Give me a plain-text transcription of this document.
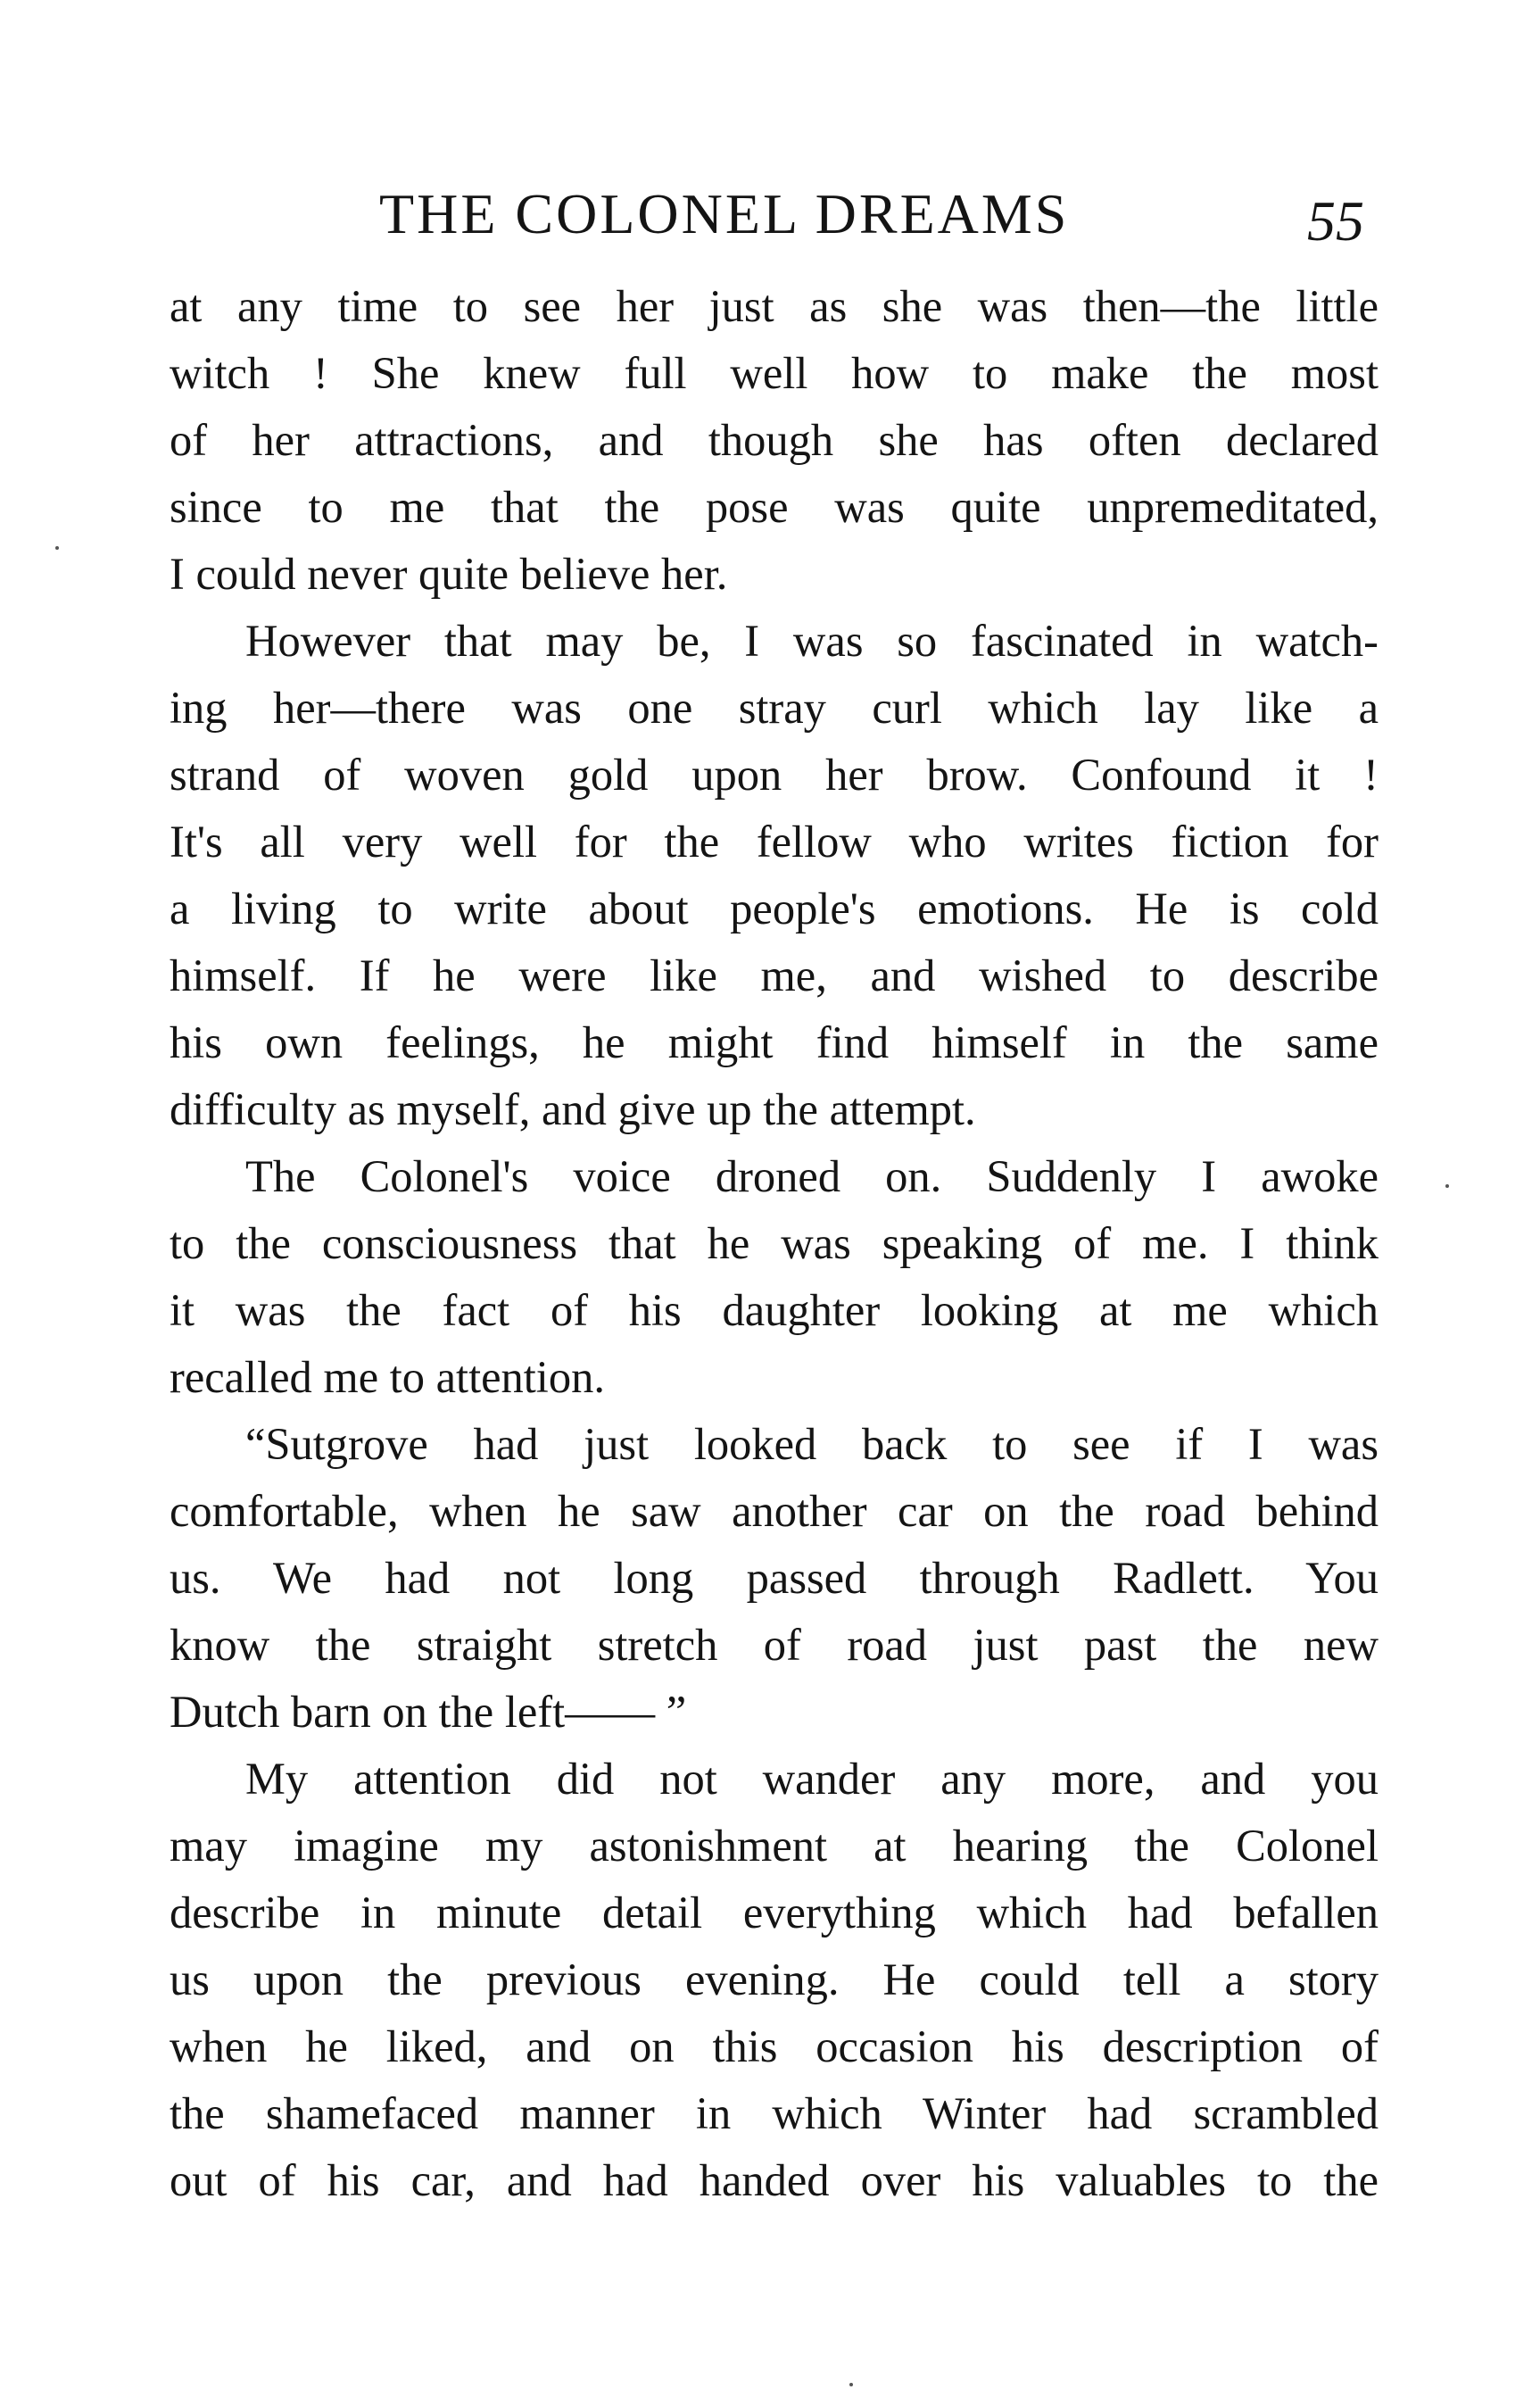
THE COLONEL DREAMS	55
at any time to see her just as she was then—the little
witch ! She knew full well how to make the most
of her attractions, and though she has often declared
since to me that the pose was quite unpremeditated,
I could never quite believe her.
However that may be, I was so fascinated in watch-
ing her—there was one stray curl which lay like a
strand of woven gold upon her brow. Confound it !
It's all very well for the fellow who writes fiction for
a living to write about people's emotions. He is cold
himself. If he were like me, and wished to describe
his own feelings, he might find himself in the same
difficulty as myself, and give up the attempt.
The Colonel's voice droned on. Suddenly I awoke
to the consciousness that he was speaking of me. I think
it was the fact of his daughter looking at me which
recalled me to attention.
“Sutgrove had just looked back to see if I was
comfortable, when he saw another car on the road behind
us. We had not long passed through Radlett. You
know the straight stretch of road just past the new
Dutch barn on the left—— ”
My attention did not wander any more, and you
may imagine my astonishment at hearing the Colonel
describe in minute detail everything which had befallen
us upon the previous evening. He could tell a story
when he liked, and on this occasion his description of
the shamefaced manner in which Winter had scrambled
out of his car, and had handed over his valuables to the
